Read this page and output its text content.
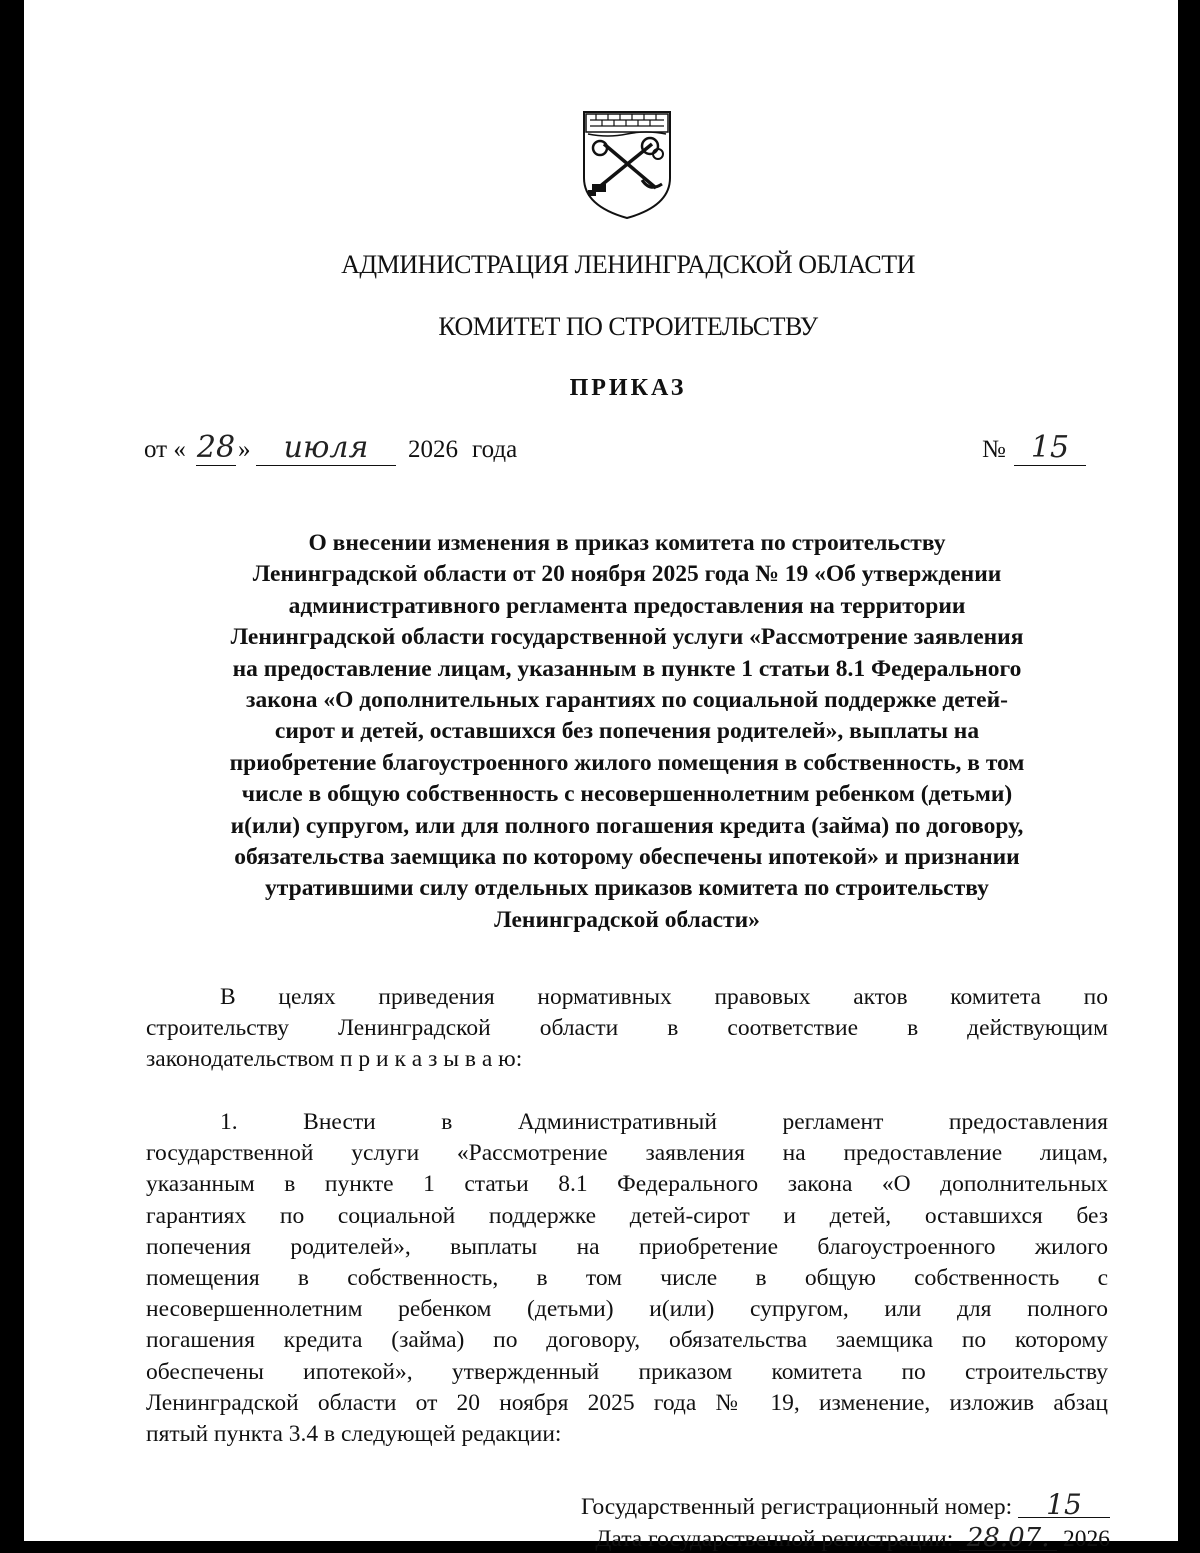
АДМИНИСТРАЦИЯ ЛЕНИНГРАДСКОЙ ОБЛАСТИ
КОМИТЕТ ПО СТРОИТЕЛЬСТВУ
ПРИКАЗ
от « 28 »	июля	2026 года	№ 15
О внесении изменения в приказ комитета по строительству
Ленинградской области от 20 ноября 2025 года № 19 «Об утверждении
административного регламента предоставления на территории
Ленинградской области государственной услуги «Рассмотрение заявления
на предоставление лицам, указанным в пункте 1 статьи 8.1 Федерального
закона «О дополнительных гарантиях по социальной поддержке детей-
сирот и детей, оставшихся без попечения родителей», выплаты на
приобретение благоустроенного жилого помещения в собственность, в том
числе в общую собственность с несовершеннолетним ребенком (детьми)
и(или) супругом, или для полного погашения кредита (займа) по договору,
обязательства заемщика по которому обеспечены ипотекой» и признании
утратившими силу отдельных приказов комитета по строительству
Ленинградской области»
В целях приведения нормативных правовых актов комитета по
строительству Ленинградской области в соответствие в действующим
законодательством п р и к а з ы в а ю:
1. Внести в Административный регламент предоставления
государственной услуги «Рассмотрение заявления на предоставление лицам,
указанным в пункте 1 статьи 8.1 Федерального закона «О дополнительных
гарантиях по социальной поддержке детей-сирот и детей, оставшихся без
попечения родителей», выплаты на приобретение благоустроенного жилого
помещения в собственность, в том числе в общую собственность с
несовершеннолетним ребенком (детьми) и(или) супругом, или для полного
погашения кредита (займа) по договору, обязательства заемщика по которому
обеспечены ипотекой», утвержденный приказом комитета по строительству
Ленинградской области от 20 ноября 2025 года № 19, изменение, изложив абзац
пятый пункта 3.4 в следующей редакции:
Государственный регистрационный номер: 15
Дата государственной регистрации: 28.07. 2026
